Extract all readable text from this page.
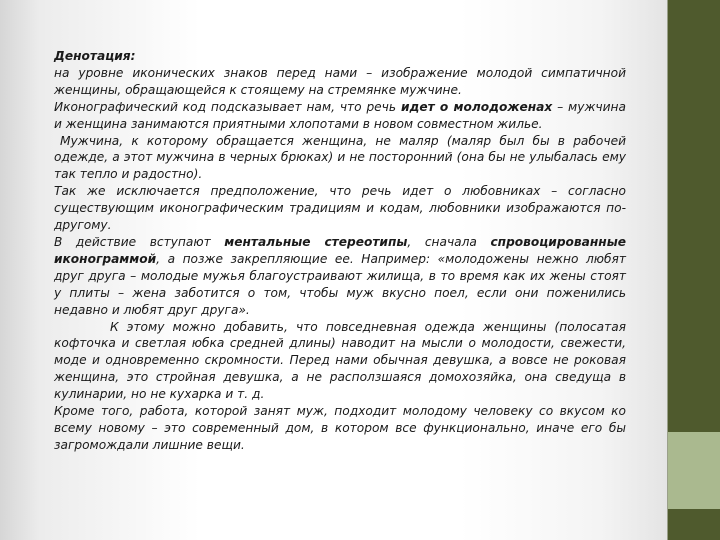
Денотация:

на уровне иконических знаков перед нами – изображение молодой симпатичной женщины, обращающейся к стоящему на стремянке мужчине.

Иконографический код подсказывает нам, что речь идет о молодоженах – мужчина и женщина занимаются приятными хлопотами в новом совместном жилье.

Мужчина, к которому обращается женщина, не маляр (маляр был бы в рабочей одежде, а этот мужчина в черных брюках) и не посторонний (она бы не улыбалась ему так тепло и радостно).

Так же исключается предположение, что речь идет о любовниках – согласно существующим иконографическим традициям и кодам, любовники изображаются по-другому.

В действие вступают ментальные стереотипы, сначала спровоцированные иконограммой, а позже закрепляющие ее. Например: «молодожены нежно любят друг друга – молодые мужья благоустраивают жилища, в то время как их жены стоят у плиты – жена заботится о том, чтобы муж вкусно поел, если они поженились недавно и любят друг друга».

К этому можно добавить, что повседневная одежда женщины (полосатая кофточка и светлая юбка средней длины) наводит на мысли о молодости, свежести, моде и одновременно скромности. Перед нами обычная девушка, а вовсе не роковая женщина, это стройная девушка, а не расползшаяся домохозяйка, она сведуща в кулинарии, но не кухарка и т. д.

Кроме того, работа, которой занят муж, подходит молодому человеку со вкусом ко всему новому – это современный дом, в котором все функционально, иначе его бы загромождали лишние вещи.
